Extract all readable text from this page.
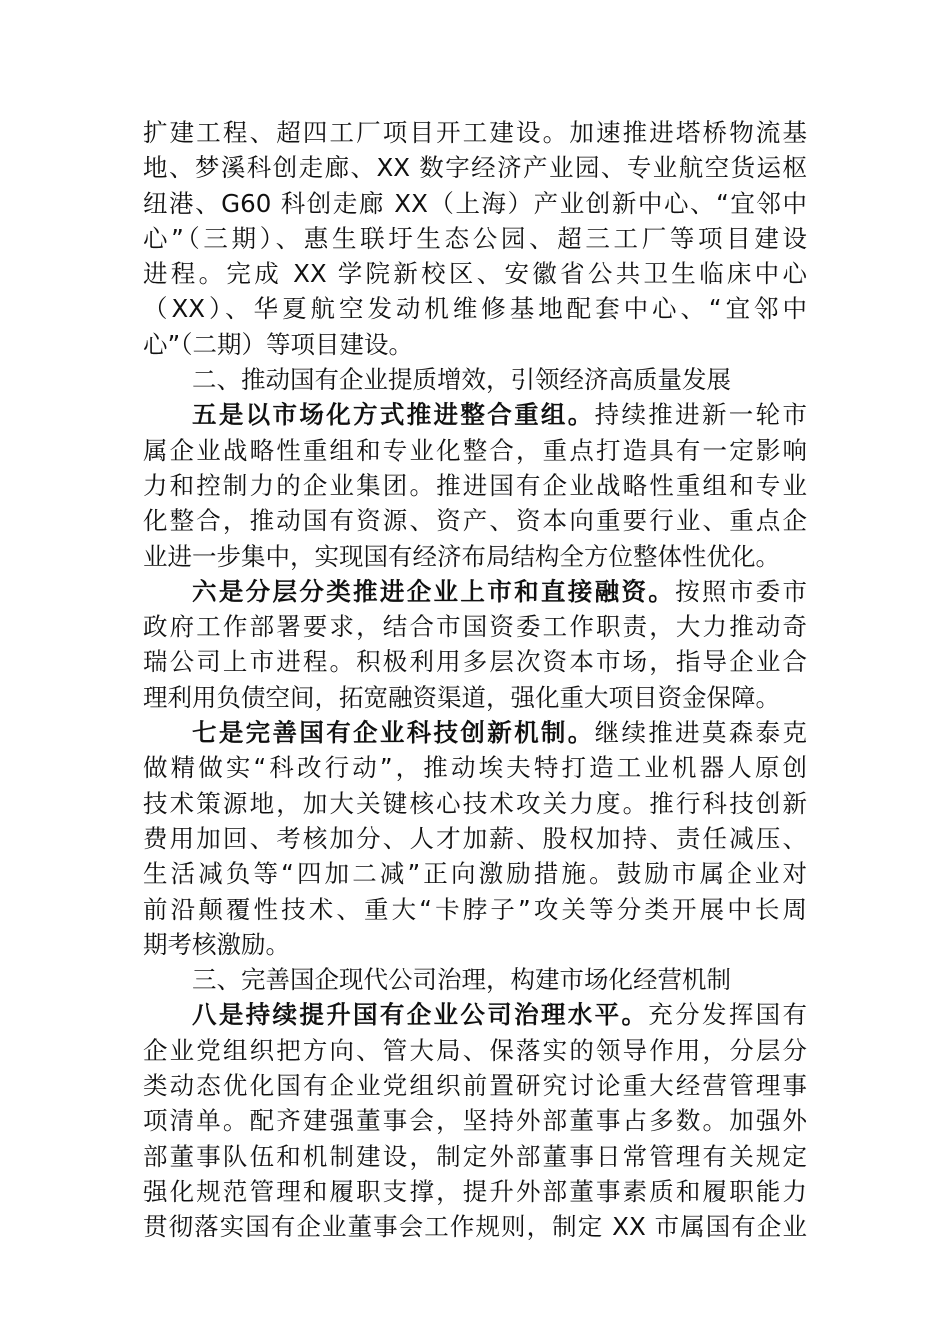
扩建工程、超四工厂项目开工建设。加速推进塔桥物流基
地、梦溪科创走廊、XX 数字经济产业园、专业航空货运枢
纽港、G60 科创走廊 XX（上海）产业创新中心、“宜邻中
心”（三期）、惠生联圩生态公园、超三工厂等项目建设
进程。完成 XX 学院新校区、安徽省公共卫生临床中心
（XX）、华夏航空发动机维修基地配套中心、“宜邻中
心”（二期）等项目建设。
二、推动国有企业提质增效，引领经济高质量发展
五是以市场化方式推进整合重组。持续推进新一轮市
属企业战略性重组和专业化整合，重点打造具有一定影响
力和控制力的企业集团。推进国有企业战略性重组和专业
化整合，推动国有资源、资产、资本向重要行业、重点企
业进一步集中，实现国有经济布局结构全方位整体性优化。
六是分层分类推进企业上市和直接融资。按照市委市
政府工作部署要求，结合市国资委工作职责，大力推动奇
瑞公司上市进程。积极利用多层次资本市场，指导企业合
理利用负债空间，拓宽融资渠道，强化重大项目资金保障。
七是完善国有企业科技创新机制。继续推进莫森泰克
做精做实“科改行动”，推动埃夫特打造工业机器人原创
技术策源地，加大关键核心技术攻关力度。推行科技创新
费用加回、考核加分、人才加薪、股权加持、责任减压、
生活减负等“四加二减”正向激励措施。鼓励市属企业对
前沿颠覆性技术、重大“卡脖子”攻关等分类开展中长周
期考核激励。
三、完善国企现代公司治理，构建市场化经营机制
八是持续提升国有企业公司治理水平。充分发挥国有
企业党组织把方向、管大局、保落实的领导作用，分层分
类动态优化国有企业党组织前置研究讨论重大经营管理事
项清单。配齐建强董事会，坚持外部董事占多数。加强外
部董事队伍和机制建设，制定外部董事日常管理有关规定
强化规范管理和履职支撑，提升外部董事素质和履职能力
贯彻落实国有企业董事会工作规则，制定 XX 市属国有企业
